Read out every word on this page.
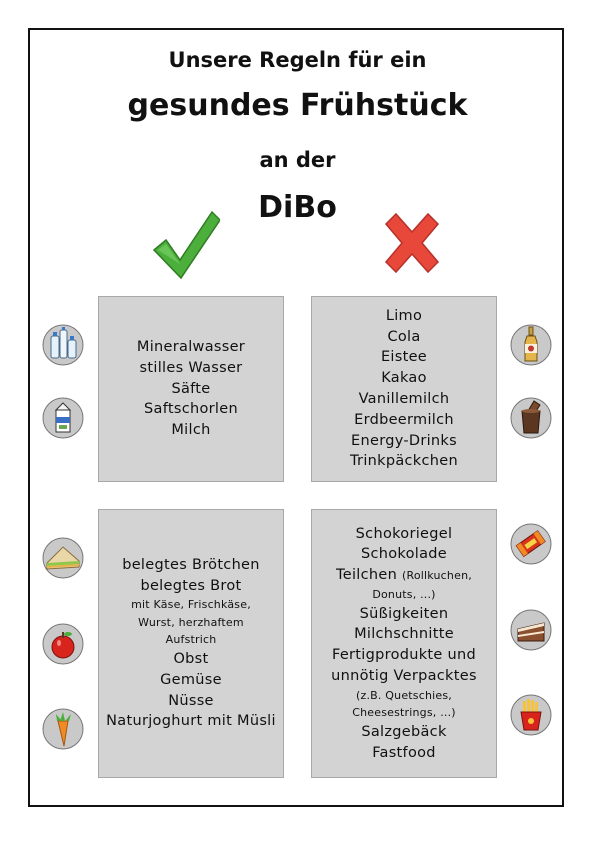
Unsere Regeln für ein
gesundes Frühstück
an der
DiBo
Mineralwasser
stilles Wasser
Säfte
Saftschorlen
Milch
Limo
Cola
Eistee
Kakao
Vanillemilch
Erdbeermilch
Energy-Drinks
Trinkpäckchen
belegtes Brötchen
belegtes Brot
mit Käse, Frischkäse,
Wurst, herzhaftem
Aufstrich
Obst
Gemüse
Nüsse
Naturjoghurt mit Müsli
Schokoriegel
Schokolade
Teilchen (Rollkuchen,
Donuts, ...)
Süßigkeiten
Milchschnitte
Fertigprodukte und
unnötig Verpacktes
(z.B. Quetschies,
Cheesestrings, ...)
Salzgebäck
Fastfood
